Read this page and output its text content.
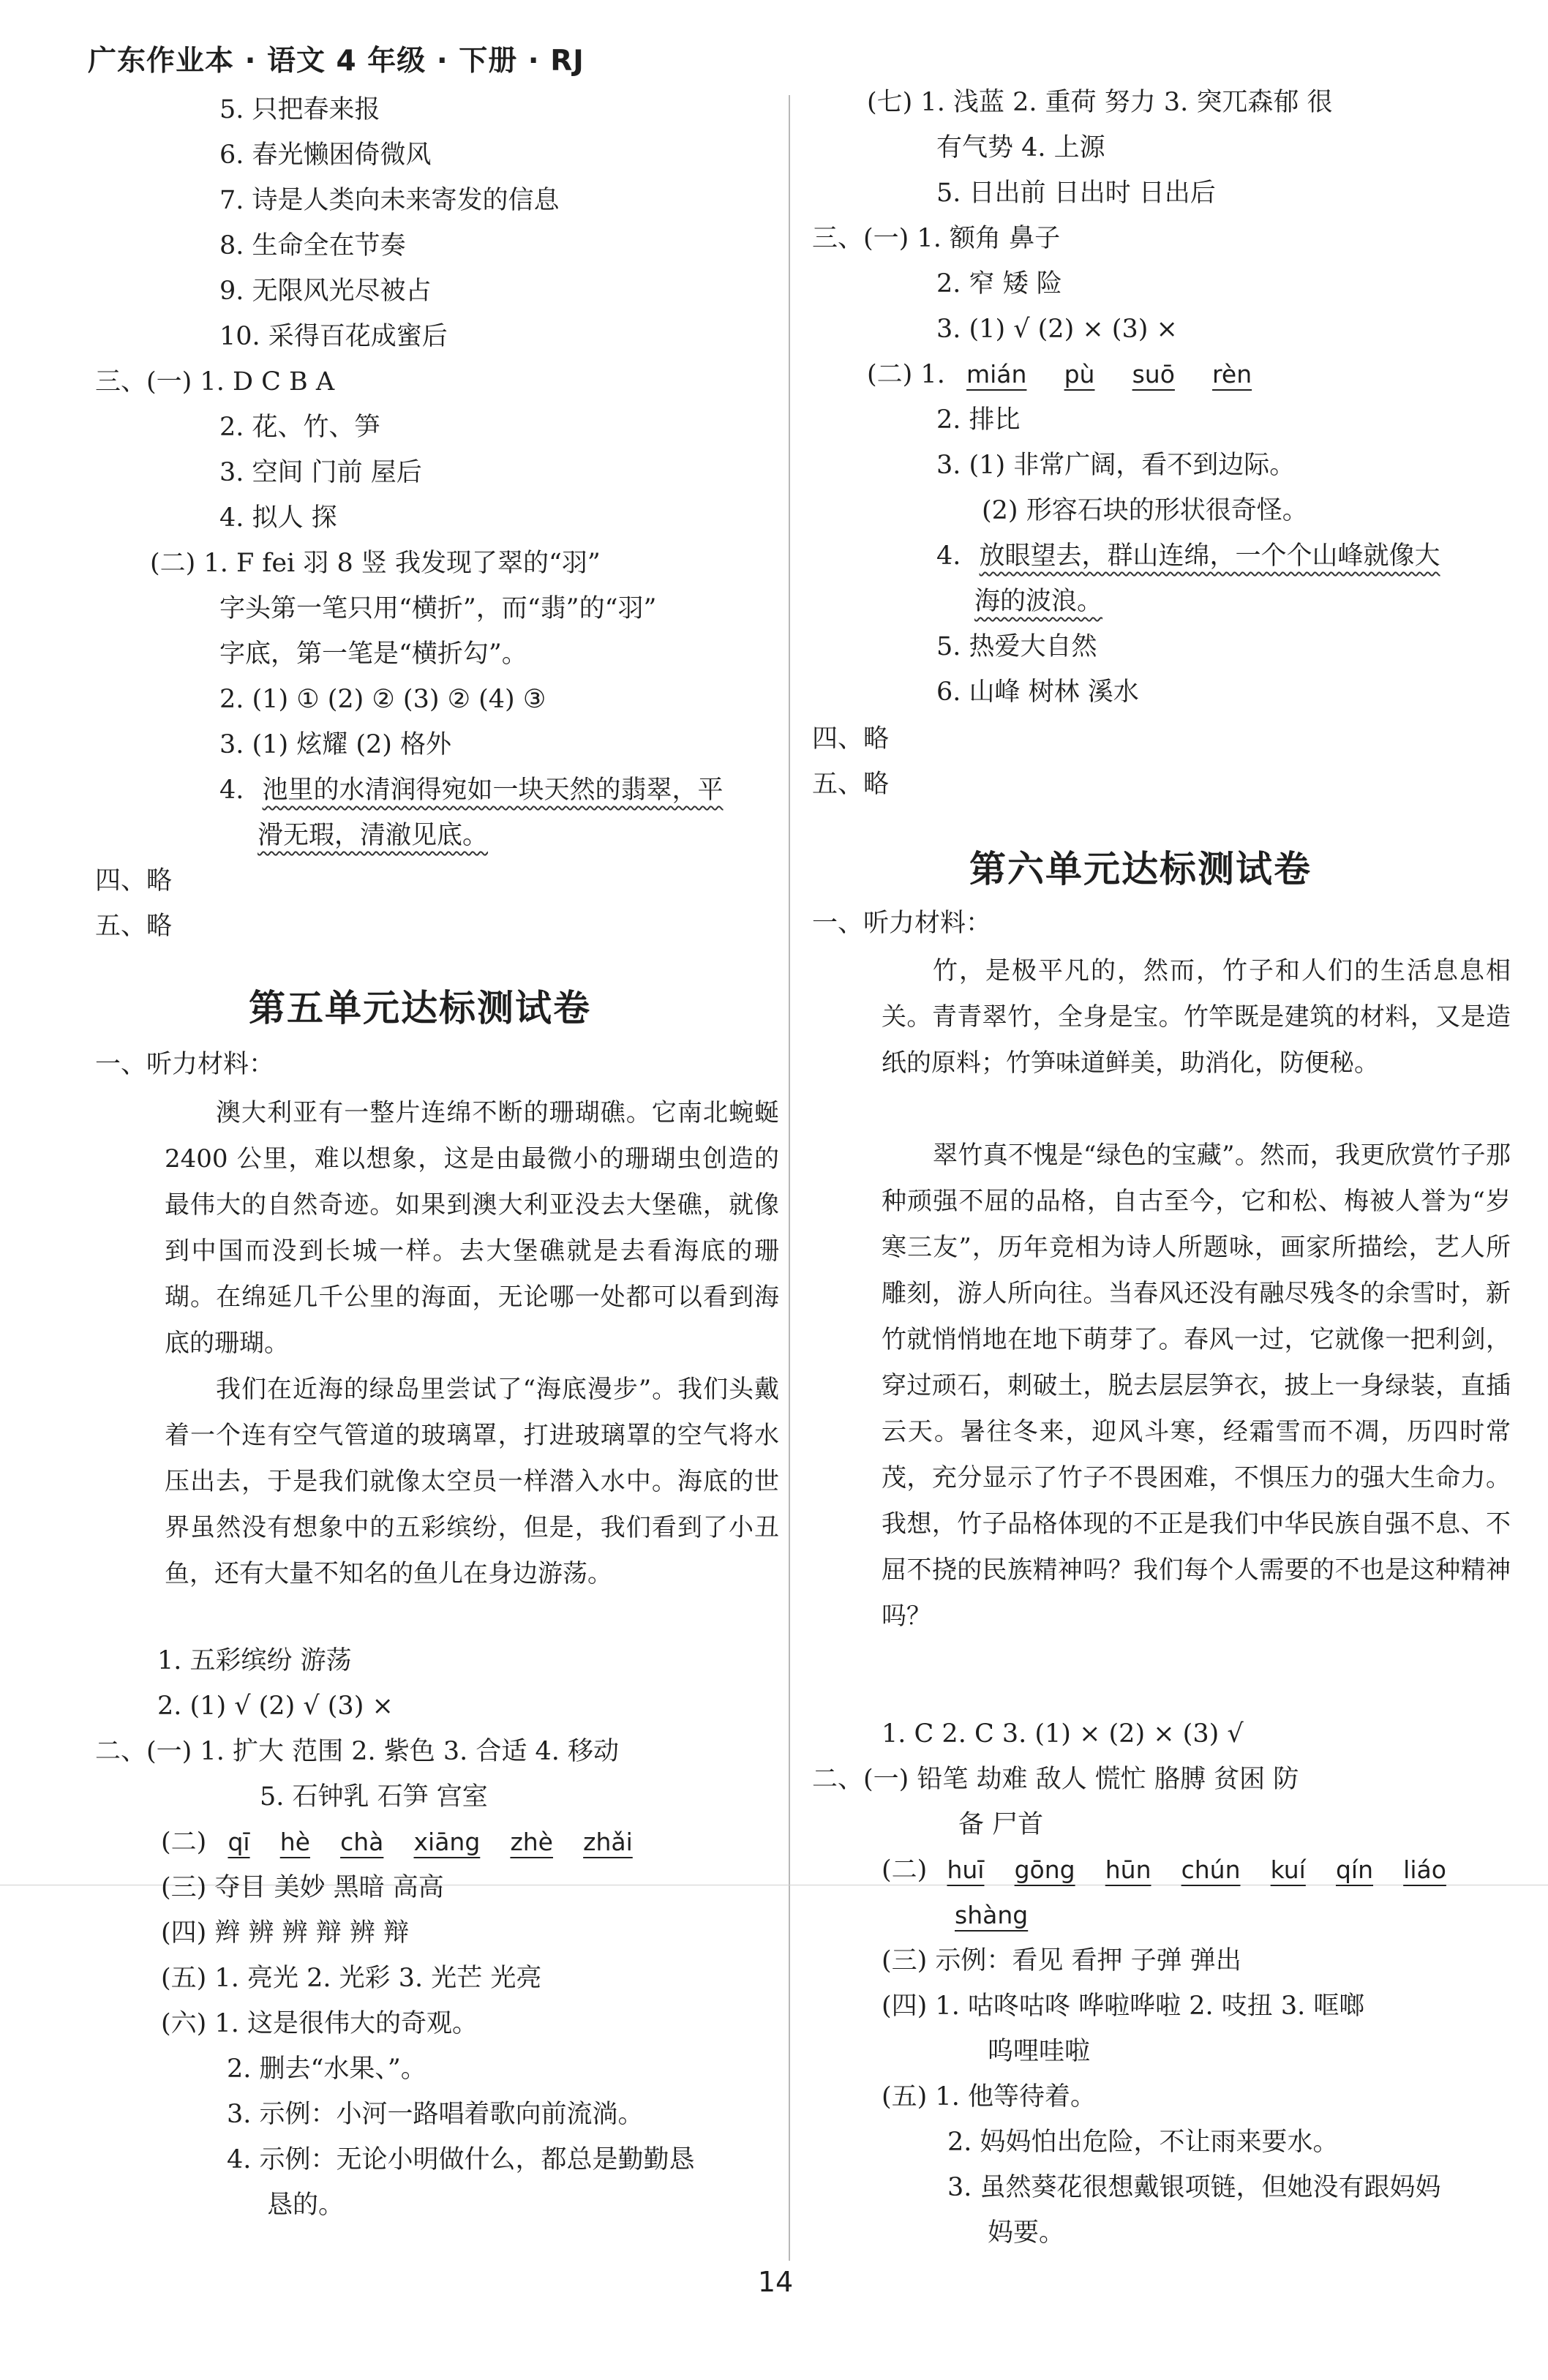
广东作业本 · 语文 4 年级 · 下册 · RJ
5. 只把春来报
6. 春光懒困倚微风
7. 诗是人类向未来寄发的信息
8. 生命全在节奏
9. 无限风光尽被占
10. 采得百花成蜜后
三、(一) 1. D C B A
2. 花、竹、笋
3. 空间 门前 屋后
4. 拟人 探
(二) 1. F fei 羽 8 竖 我发现了翠的“羽”
字头第一笔只用“横折”，而“翡”的“羽”
字底，第一笔是“横折勾”。
2. (1) ① (2) ② (3) ② (4) ③
3. (1) 炫耀 (2) 格外
4. 池里的水清润得宛如一块天然的翡翠，平
滑无瑕，清澈见底。
四、略
五、略
第五单元达标测试卷
一、听力材料：
澳大利亚有一整片连绵不断的珊瑚礁。它南北蜿蜒 2400 公里，难以想象，这是由最微小的珊瑚虫创造的最伟大的自然奇迹。如果到澳大利亚没去大堡礁，就像到中国而没到长城一样。去大堡礁就是去看海底的珊瑚。在绵延几千公里的海面，无论哪一处都可以看到海底的珊瑚。
我们在近海的绿岛里尝试了“海底漫步”。我们头戴着一个连有空气管道的玻璃罩，打进玻璃罩的空气将水压出去，于是我们就像太空员一样潜入水中。海底的世界虽然没有想象中的五彩缤纷，但是，我们看到了小丑鱼，还有大量不知名的鱼儿在身边游荡。
1. 五彩缤纷 游荡
2. (1) √ (2) √ (3) ×
二、(一) 1. 扩大 范围 2. 紫色 3. 合适 4. 移动
5. 石钟乳 石笋 宫室
(二) qī hè chà xiāng zhè zhǎi
(三) 夺目 美妙 黑暗 高高
(四) 辫 辨 辨 辩 辨 辩
(五) 1. 亮光 2. 光彩 3. 光芒 光亮
(六) 1. 这是很伟大的奇观。
2. 删去“水果、”。
3. 示例：小河一路唱着歌向前流淌。
4. 示例：无论小明做什么，都总是勤勤恳
恳的。
(七) 1. 浅蓝 2. 重荷 努力 3. 突兀森郁 很
有气势 4. 上源
5. 日出前 日出时 日出后
三、(一) 1. 额角 鼻子
2. 窄 矮 险
3. (1) √ (2) × (3) ×
(二) 1. mián pù suō rèn
2. 排比
3. (1) 非常广阔，看不到边际。
(2) 形容石块的形状很奇怪。
4. 放眼望去，群山连绵，一个个山峰就像大
海的波浪。
5. 热爱大自然
6. 山峰 树林 溪水
四、略
五、略
第六单元达标测试卷
一、听力材料：
竹，是极平凡的，然而，竹子和人们的生活息息相关。青青翠竹，全身是宝。竹竿既是建筑的材料，又是造纸的原料；竹笋味道鲜美，助消化，防便秘。
翠竹真不愧是“绿色的宝藏”。然而，我更欣赏竹子那种顽强不屈的品格，自古至今，它和松、梅被人誉为“岁寒三友”，历年竞相为诗人所题咏，画家所描绘，艺人所雕刻，游人所向往。当春风还没有融尽残冬的余雪时，新竹就悄悄地在地下萌芽了。春风一过，它就像一把利剑，穿过顽石，刺破土，脱去层层笋衣，披上一身绿装，直插云天。暑往冬来，迎风斗寒，经霜雪而不凋，历四时常茂，充分显示了竹子不畏困难，不惧压力的强大生命力。我想，竹子品格体现的不正是我们中华民族自强不息、不屈不挠的民族精神吗？我们每个人需要的不也是这种精神吗？
1. C 2. C 3. (1) × (2) × (3) √
二、(一) 铅笔 劫难 敌人 慌忙 胳膊 贫困 防
备 尸首
(二) huī gōng hūn chún kuí qín liáo
shàng
(三) 示例：看见 看押 子弹 弹出
(四) 1. 咕咚咕咚 哗啦哗啦 2. 吱扭 3. 哐啷
呜哩哇啦
(五) 1. 他等待着。
2. 妈妈怕出危险，不让雨来要水。
3. 虽然葵花很想戴银项链，但她没有跟妈妈
妈要。
14
